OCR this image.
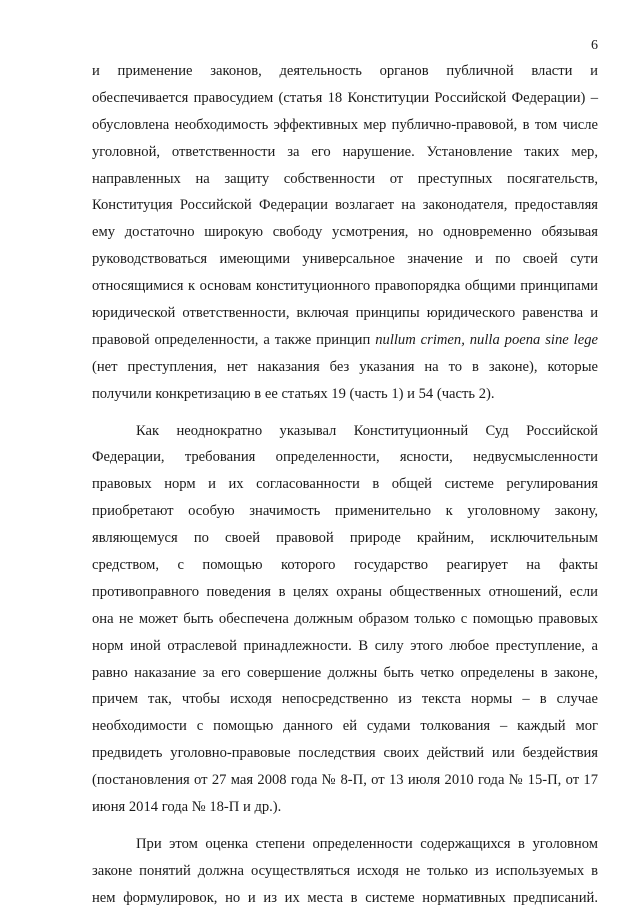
6
и применение законов, деятельность органов публичной власти и
обеспечивается правосудием (статья 18 Конституции Российской Федерации) –
обусловлена необходимость эффективных мер публично-правовой, в том числе
уголовной, ответственности за его нарушение. Установление таких мер,
направленных на защиту собственности от преступных посягательств,
Конституция Российской Федерации возлагает на законодателя, предоставляя
ему достаточно широкую свободу усмотрения, но одновременно обязывая
руководствоваться имеющими универсальное значение и по своей сути
относящимися к основам конституционного правопорядка общими принципами
юридической ответственности, включая принципы юридического равенства и
правовой определенности, а также принцип nullum crimen, nulla poena sine lege
(нет преступления, нет наказания без указания на то в законе), которые
получили конкретизацию в ее статьях 19 (часть 1) и 54 (часть 2).
Как неоднократно указывал Конституционный Суд Российской
Федерации, требования определенности, ясности, недвусмысленности
правовых норм и их согласованности в общей системе регулирования
приобретают особую значимость применительно к уголовному закону,
являющемуся по своей правовой природе крайним, исключительным
средством, с помощью которого государство реагирует на факты
противоправного поведения в целях охраны общественных отношений, если
она не может быть обеспечена должным образом только с помощью правовых
норм иной отраслевой принадлежности. В силу этого любое преступление, а
равно наказание за его совершение должны быть четко определены в законе,
причем так, чтобы исходя непосредственно из текста нормы – в случае
необходимости с помощью данного ей судами толкования – каждый мог
предвидеть уголовно-правовые последствия своих действий или бездействия
(постановления от 27 мая 2008 года № 8-П, от 13 июля 2010 года № 15-П, от 17
июня 2014 года № 18-П и др.).
При этом оценка степени определенности содержащихся в уголовном
законе понятий должна осуществляться исходя не только из используемых в
нем формулировок, но и из их места в системе нормативных предписаний.
